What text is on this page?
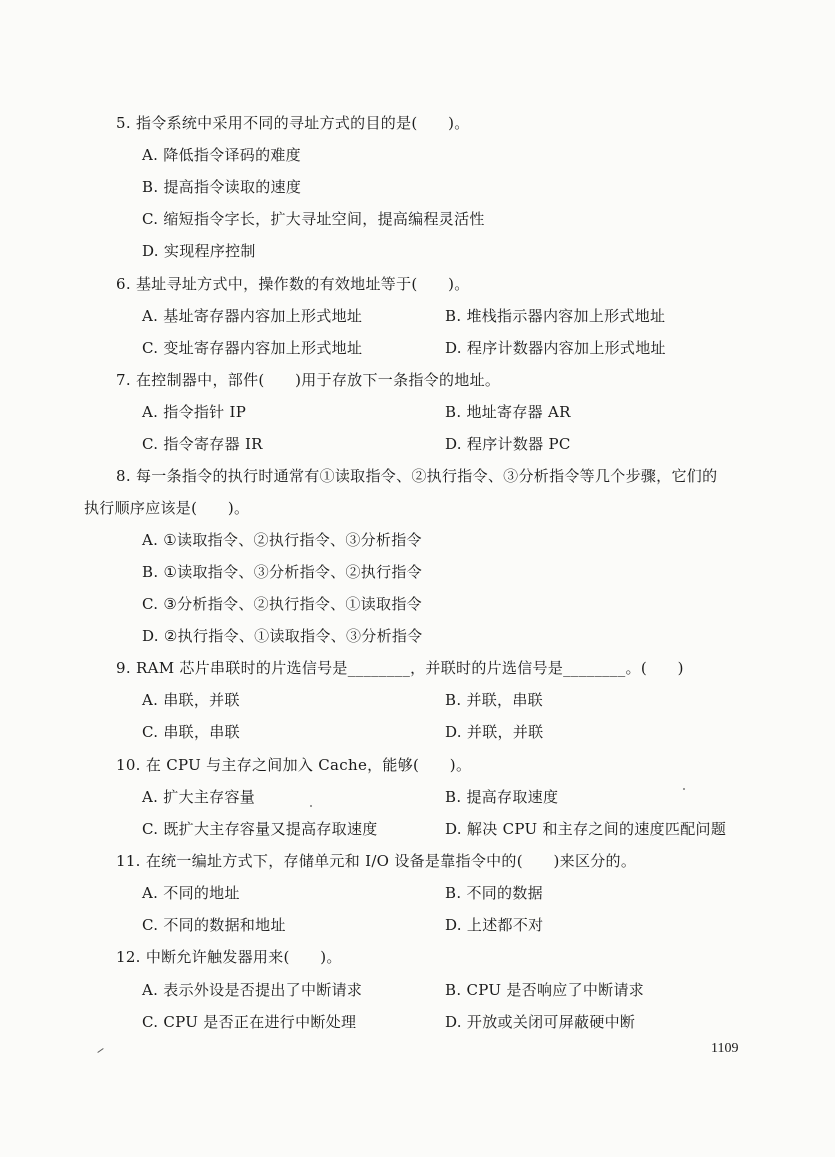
5. 指令系统中采用不同的寻址方式的目的是(　　)。
A. 降低指令译码的难度
B. 提高指令读取的速度
C. 缩短指令字长，扩大寻址空间，提高编程灵活性
D. 实现程序控制
6. 基址寻址方式中，操作数的有效地址等于(　　)。
A. 基址寄存器内容加上形式地址	B. 堆栈指示器内容加上形式地址
C. 变址寄存器内容加上形式地址	D. 程序计数器内容加上形式地址
7. 在控制器中，部件(　　)用于存放下一条指令的地址。
A. 指令指针 IP	B. 地址寄存器 AR
C. 指令寄存器 IR	D. 程序计数器 PC
8. 每一条指令的执行时通常有①读取指令、②执行指令、③分析指令等几个步骤，它们的
执行顺序应该是(　　)。
A. ①读取指令、②执行指令、③分析指令
B. ①读取指令、③分析指令、②执行指令
C. ③分析指令、②执行指令、①读取指令
D. ②执行指令、①读取指令、③分析指令
9. RAM 芯片串联时的片选信号是________，并联时的片选信号是________。(　　)
A. 串联，并联	B. 并联，串联
C. 串联，串联	D. 并联，并联
10. 在 CPU 与主存之间加入 Cache，能够(　　)。
A. 扩大主存容量	B. 提高存取速度
C. 既扩大主存容量又提高存取速度	D. 解决 CPU 和主存之间的速度匹配问题
11. 在统一编址方式下，存储单元和 I/O 设备是靠指令中的(　　)来区分的。
A. 不同的地址	B. 不同的数据
C. 不同的数据和地址	D. 上述都不对
12. 中断允许触发器用来(　　)。
A. 表示外设是否提出了中断请求	B. CPU 是否响应了中断请求
C. CPU 是否正在进行中断处理	D. 开放或关闭可屏蔽硬中断
1109
